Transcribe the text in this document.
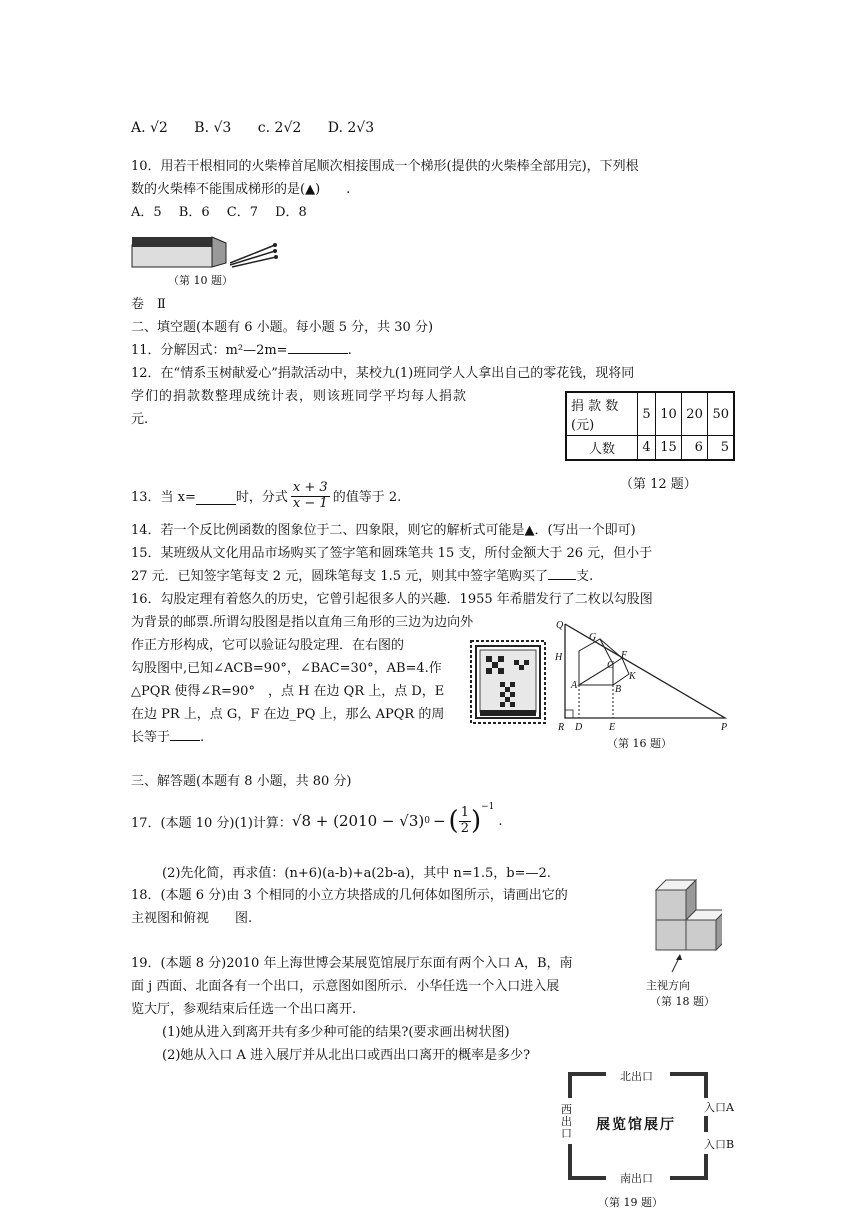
A. √2 B. √3 c. 2√2 D. 2√3
10．用若干根相同的火柴棒首尾顺次相接围成一个梯形(提供的火柴棒全部用完)，下列根
数的火柴棒不能围成梯形的是(▲)　　.
A．5　 B．6　 C．7　 D．8
（第 10 题）
卷　Ⅱ
二、填空题(本题有 6 小题。每小题 5 分，共 30 分)
11．分解因式：m²—2m=	.
12．在“情系玉树献爱心”捐款活动中，某校九(1)班同学人人拿出自己的零花钱，现将同
学们的捐款数整理成统计表，则该班同学平均每人捐款
元.
捐 款 数
(元)	5	10	20	50
人数	4	15	6	5
（第 12 题）
13．当 x=	时，分式 $\frac{x + 3}{x - 1}$ 的值等于 2.
14．若一个反比例函数的图象位于二、四象限，则它的解析式可能是▲．(写出一个即可)
15．某班级从文化用品市场购买了签字笔和圆珠笔共 15 支，所付金额大于 26 元，但小于
27 元．已知签字笔每支 2 元，圆珠笔每支 1.5 元，则其中签字笔购买了 支.
16．勾股定理有着悠久的历史，它曾引起很多人的兴趣．1955 年希腊发行了二枚以勾股图
为背景的邮票.所谓勾股图是指以直角三角形的三边为边向外
作正方形构成，它可以验证勾股定理．在右图的
勾股图中,已知∠ACB=90°，∠BAC=30°，AB=4.作
△PQR 使得∠R=90°　，点 H 在边 QR 上，点 D，E
在边 PR 上，点 G，F 在边_PQ 上，那么 APQR 的周
长等于 .
Q
G
F
H
C
K
A	B
R D	E	P
（第 16 题）
三、解答题(本题有 8 小题，共 80 分)
17．(本题 10 分)(1)计算： √8 + (2010 − √3) 0 − ( $\frac{1}{2} )^{-1}$
.
(2)先化简，再求值：(n+6)(a-b)+a(2b-a)，其中 n=1.5，b=—2.
18．(本题 6 分)由 3 个相同的小立方块搭成的几何体如图所示，请画出它的
主视图和俯视　　图.
主视方向
（第 18 题）
19．(本题 8 分)2010 年上海世博会某展览馆展厅东面有两个入口 A，B，南
面 j 西面、北面各有一个出口，示意图如图所示．小华任选一个入口进入展
览大厅，参观结束后任选一个出口离开.
(1)她从进入到离开共有多少种可能的结果?(要求画出树状图)
(2)她从入口 A 进入展厅并从北出口或西出口离开的概率是多少?
北出口
南出口
西出口
入口A
入口B
展览馆展厅
（第 19 题）
